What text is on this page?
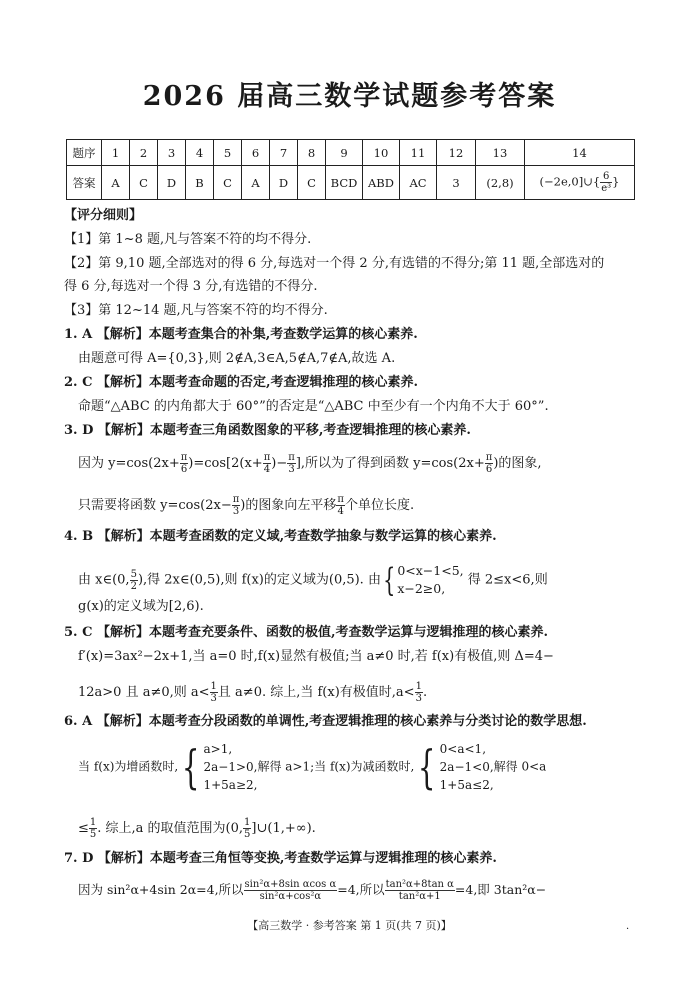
2026 届高三数学试题参考答案
题序	1	2	3	4	5	6	7	8	9	10	11	12	13	14
答案	A	C	D	B	C	A	D	C	BCD	ABD	AC	3	(2,8)	(−2e,0]∪{ $\frac{6}{\text{e³}}$ }
【评分细则】
【1】第 1~8 题,凡与答案不符的均不得分.
【2】第 9,10 题,全部选对的得 6 分,每选对一个得 2 分,有选错的不得分;第 11 题,全部选对的
得 6 分,每选对一个得 3 分,有选错的不得分.
【3】第 12~14 题,凡与答案不符的均不得分.
1. A 【解析】本题考查集合的补集,考查数学运算的核心素养.
由题意可得 A={0,3},则 2∉A,3∈A,5∉A,7∉A,故选 A.
2. C 【解析】本题考查命题的否定,考查逻辑推理的核心素养.
命题“△ABC 的内角都大于 60°”的否定是“△ABC 中至少有一个内角不大于 60°”.
3. D 【解析】本题考查三角函数图象的平移,考查逻辑推理的核心素养.
因为 $y=\cos(2x+ \frac{\pi}{6} )=\cos[2(x+ \frac{\pi}{4}$ )− $\frac{\pi}{3}$ ],所以为了得到函数 $y=\cos(2x+ \frac{\pi}{6}$ )的图象,
只需要将函数 $y=\cos(2x- \frac{\pi}{3}$ )的图象向左平移 $\frac{\pi}{4}$ 个单位长度.
4. B 【解析】本题考查函数的定义域,考查数学抽象与数学运算的核心素养.
由 x∈(0, $\frac{5}{2}$ ),得 2x∈(0,5),则 f(x)的定义域为(0,5). 由{ 0<x−1<5,
x−2≥0,
得 2≤x<6,则
g(x)的定义域为[2,6).
5. C 【解析】本题考查充要条件、函数的极值,考查数学运算与逻辑推理的核心素养.
f′(x)=3ax²−2x+1,当 a=0 时,f(x)显然有极值;当 a≠0 时,若 f(x)有极值,则 Δ=4−
12a>0 且 a≠0,则 $a< \frac{1}{3}$ 且 a≠0. 综上,当 f(x)有极值时$,a< \frac{1}{3}$ .
6. A 【解析】本题考查分段函数的单调性,考查逻辑推理的核心素养与分类讨论的数学思想.
当 f(x)为增函数时,{ a>1,
2a−1>0,
1+5a≥2,
解得 a>1;当 f(x)为减函数时,{ 0<a<1,
2a−1<0,
1+5a≤2,
解得 0<a
≤ $\frac{1}{5}$ . 综上,a 的取值范围为(0, $\frac{1}{5}$ ]∪(1,+∞).
7. D 【解析】本题考查三角恒等变换,考查数学运算与逻辑推理的核心素养.
因为 sin²α+4sin 2α=4,所以 $\frac{\text{sin²α+8sin αcos α}}{\text{sin²α+cos²α}} =4$,所以 $\frac{\text{tan²α+8tan α}}{\text{tan²α+1}} =4$,即 3tan²α−
【高三数学 · 参考答案 第 1 页(共 7 页)】	·
